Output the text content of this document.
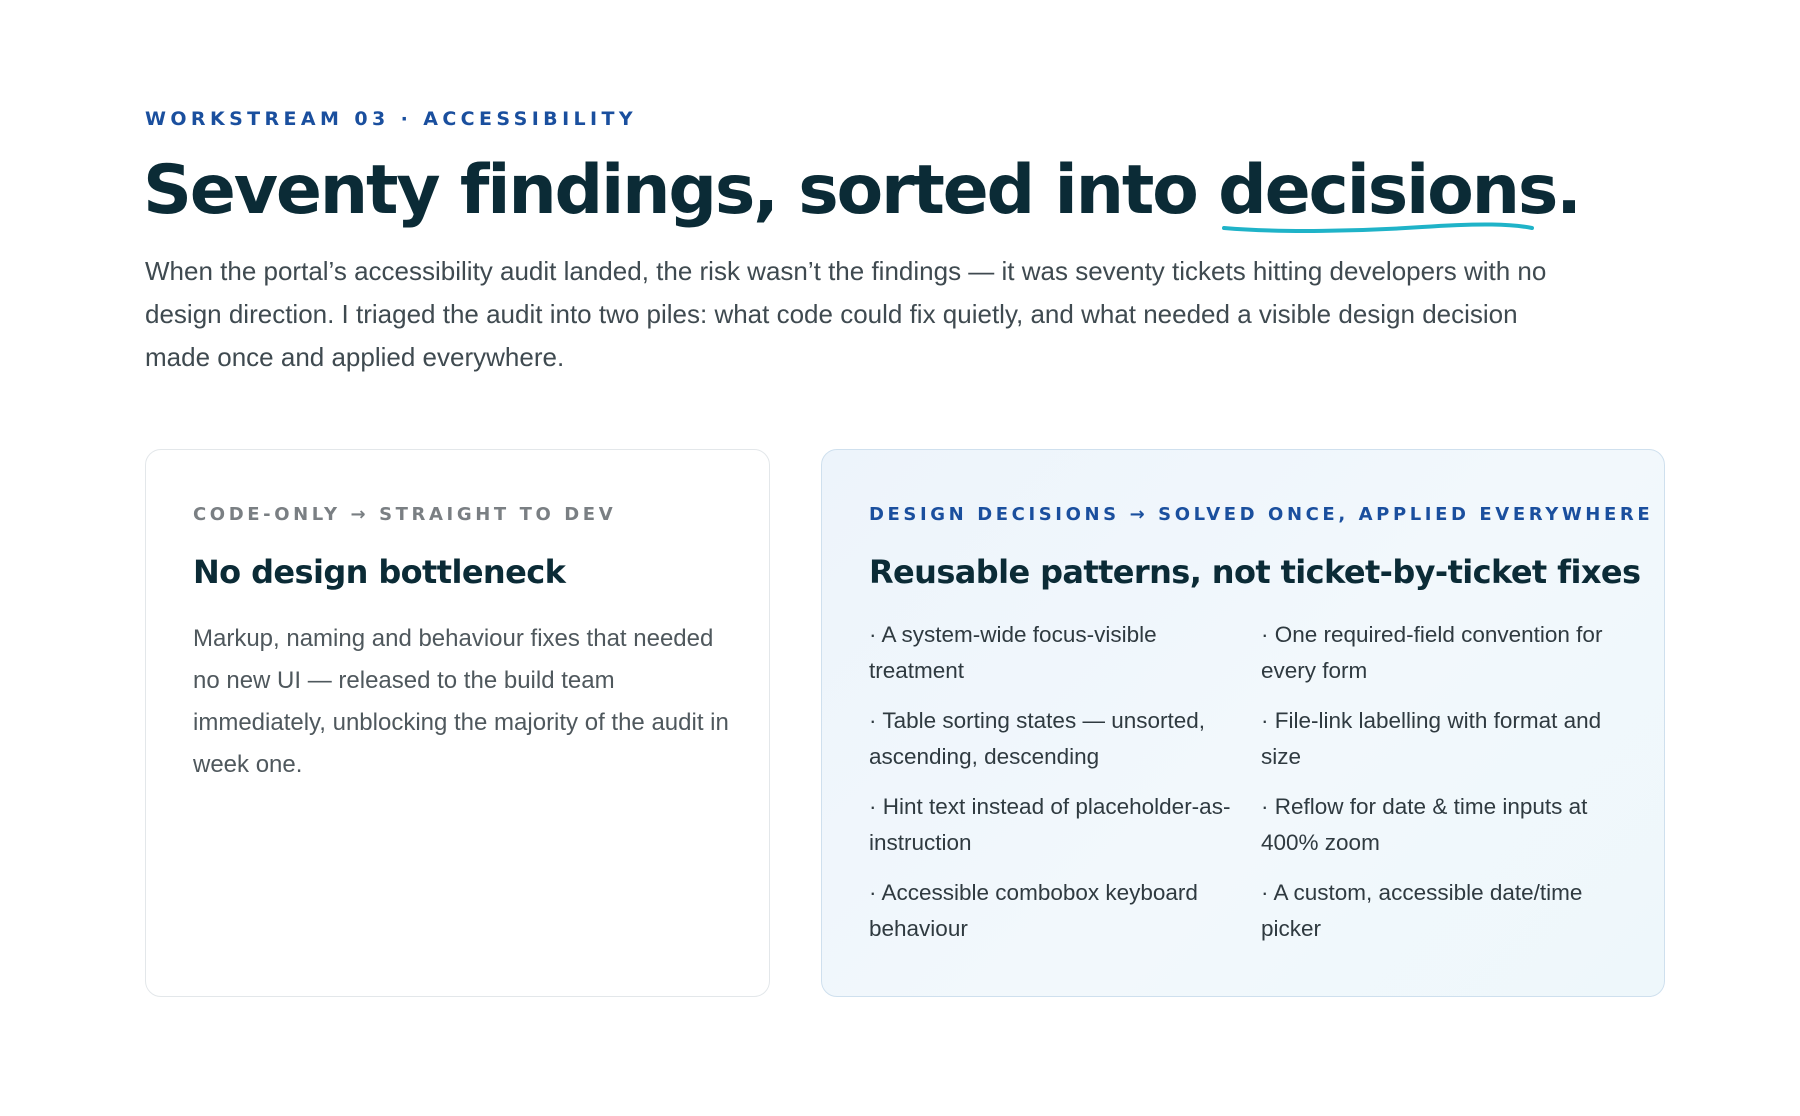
WORKSTREAM 03 · ACCESSIBILITY
Seventy findings, sorted into decisions
.

When the portal’s accessibility audit landed, the risk wasn’t the findings — it was seventy tickets hitting developers with no design direction. I triaged the audit into two piles: what code could fix quietly, and what needed a visible design decision made once and applied everywhere.

CODE-ONLY → STRAIGHT TO DEV
No design bottleneck

Markup, naming and behaviour fixes that needed no new UI — released to the build team immediately, unblocking the majority of the audit in week one.

DESIGN DECISIONS → SOLVED ONCE, APPLIED EVERYWHERE
Reusable patterns, not ticket-by-ticket fixes
· A system-wide focus-visible treatment
· One required-field convention for every form
· Table sorting states — unsorted, ascending, descending
· File-link labelling with format and size
· Hint text instead of placeholder-as-instruction
· Reflow for date & time inputs at 400% zoom
· Accessible combobox keyboard behaviour
· A custom, accessible date/time picker
